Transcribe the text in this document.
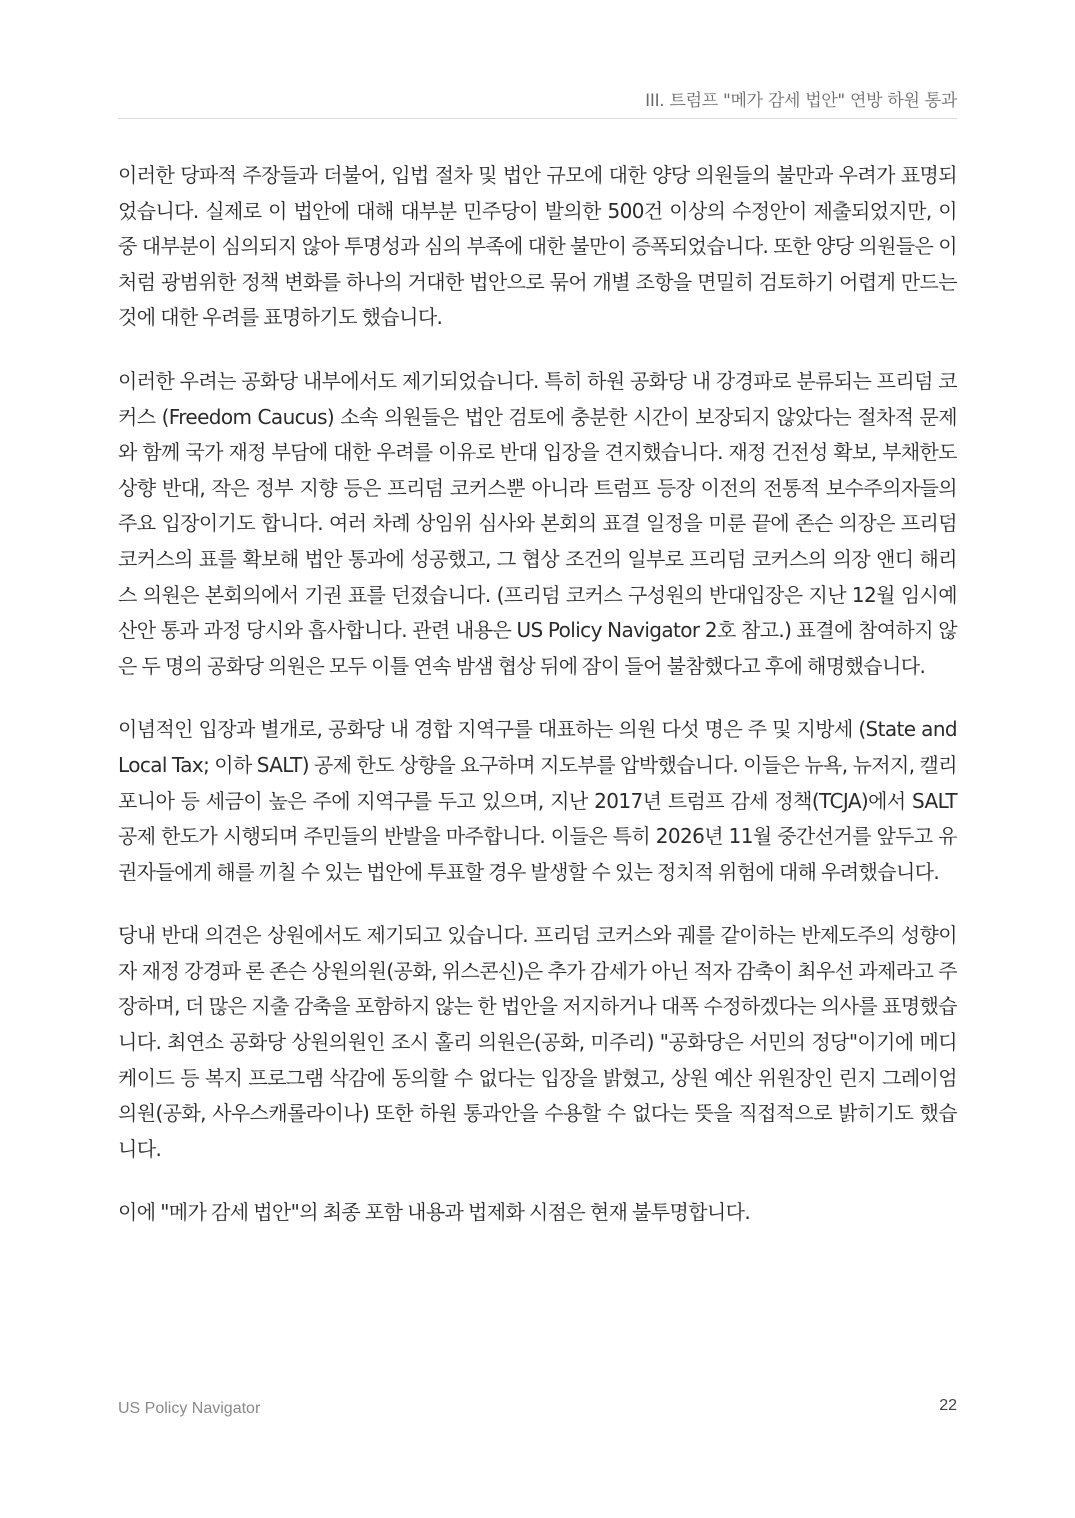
III. 트럼프 "메가 감세 법안" 연방 하원 통과

이러한 당파적 주장들과 더불어, 입법 절차 및 법안 규모에 대한 양당 의원들의 불만과 우려가 표명되었습니다. 실제로 이 법안에 대해 대부분 민주당이 발의한 500건 이상의 수정안이 제출되었지만, 이 중 대부분이 심의되지 않아 투명성과 심의 부족에 대한 불만이 증폭되었습니다. 또한 양당 의원들은 이처럼 광범위한 정책 변화를 하나의 거대한 법안으로 묶어 개별 조항을 면밀히 검토하기 어렵게 만드는 것에 대한 우려를 표명하기도 했습니다.

이러한 우려는 공화당 내부에서도 제기되었습니다. 특히 하원 공화당 내 강경파로 분류되는 프리덤 코커스 (Freedom Caucus) 소속 의원들은 법안 검토에 충분한 시간이 보장되지 않았다는 절차적 문제와 함께 국가 재정 부담에 대한 우려를 이유로 반대 입장을 견지했습니다. 재정 건전성 확보, 부채한도 상향 반대, 작은 정부 지향 등은 프리덤 코커스뿐 아니라 트럼프 등장 이전의 전통적 보수주의자들의 주요 입장이기도 합니다. 여러 차례 상임위 심사와 본회의 표결 일정을 미룬 끝에 존슨 의장은 프리덤 코커스의 표를 확보해 법안 통과에 성공했고, 그 협상 조건의 일부로 프리덤 코커스의 의장 앤디 해리스 의원은 본회의에서 기권 표를 던졌습니다. (프리덤 코커스 구성원의 반대입장은 지난 12월 임시예산안 통과 과정 당시와 흡사합니다. 관련 내용은 US Policy Navigator 2호 참고.) 표결에 참여하지 않은 두 명의 공화당 의원은 모두 이틀 연속 밤샘 협상 뒤에 잠이 들어 불참했다고 후에 해명했습니다.

이념적인 입장과 별개로, 공화당 내 경합 지역구를 대표하는 의원 다섯 명은 주 및 지방세 (State and Local Tax; 이하 SALT) 공제 한도 상향을 요구하며 지도부를 압박했습니다. 이들은 뉴욕, 뉴저지, 캘리포니아 등 세금이 높은 주에 지역구를 두고 있으며, 지난 2017년 트럼프 감세 정책(TCJA)에서 SALT 공제 한도가 시행되며 주민들의 반발을 마주합니다. 이들은 특히 2026년 11월 중간선거를 앞두고 유권자들에게 해를 끼칠 수 있는 법안에 투표할 경우 발생할 수 있는 정치적 위험에 대해 우려했습니다.

당내 반대 의견은 상원에서도 제기되고 있습니다. 프리덤 코커스와 궤를 같이하는 반제도주의 성향이자 재정 강경파 론 존슨 상원의원(공화, 위스콘신)은 추가 감세가 아닌 적자 감축이 최우선 과제라고 주장하며, 더 많은 지출 감축을 포함하지 않는 한 법안을 저지하거나 대폭 수정하겠다는 의사를 표명했습니다. 최연소 공화당 상원의원인 조시 홀리 의원은(공화, 미주리) "공화당은 서민의 정당"이기에 메디케이드 등 복지 프로그램 삭감에 동의할 수 없다는 입장을 밝혔고, 상원 예산 위원장인 린지 그레이엄 의원(공화, 사우스캐롤라이나) 또한 하원 통과안을 수용할 수 없다는 뜻을 직접적으로 밝히기도 했습니다.

이에 "메가 감세 법안"의 최종 포함 내용과 법제화 시점은 현재 불투명합니다.

US Policy Navigator	22
